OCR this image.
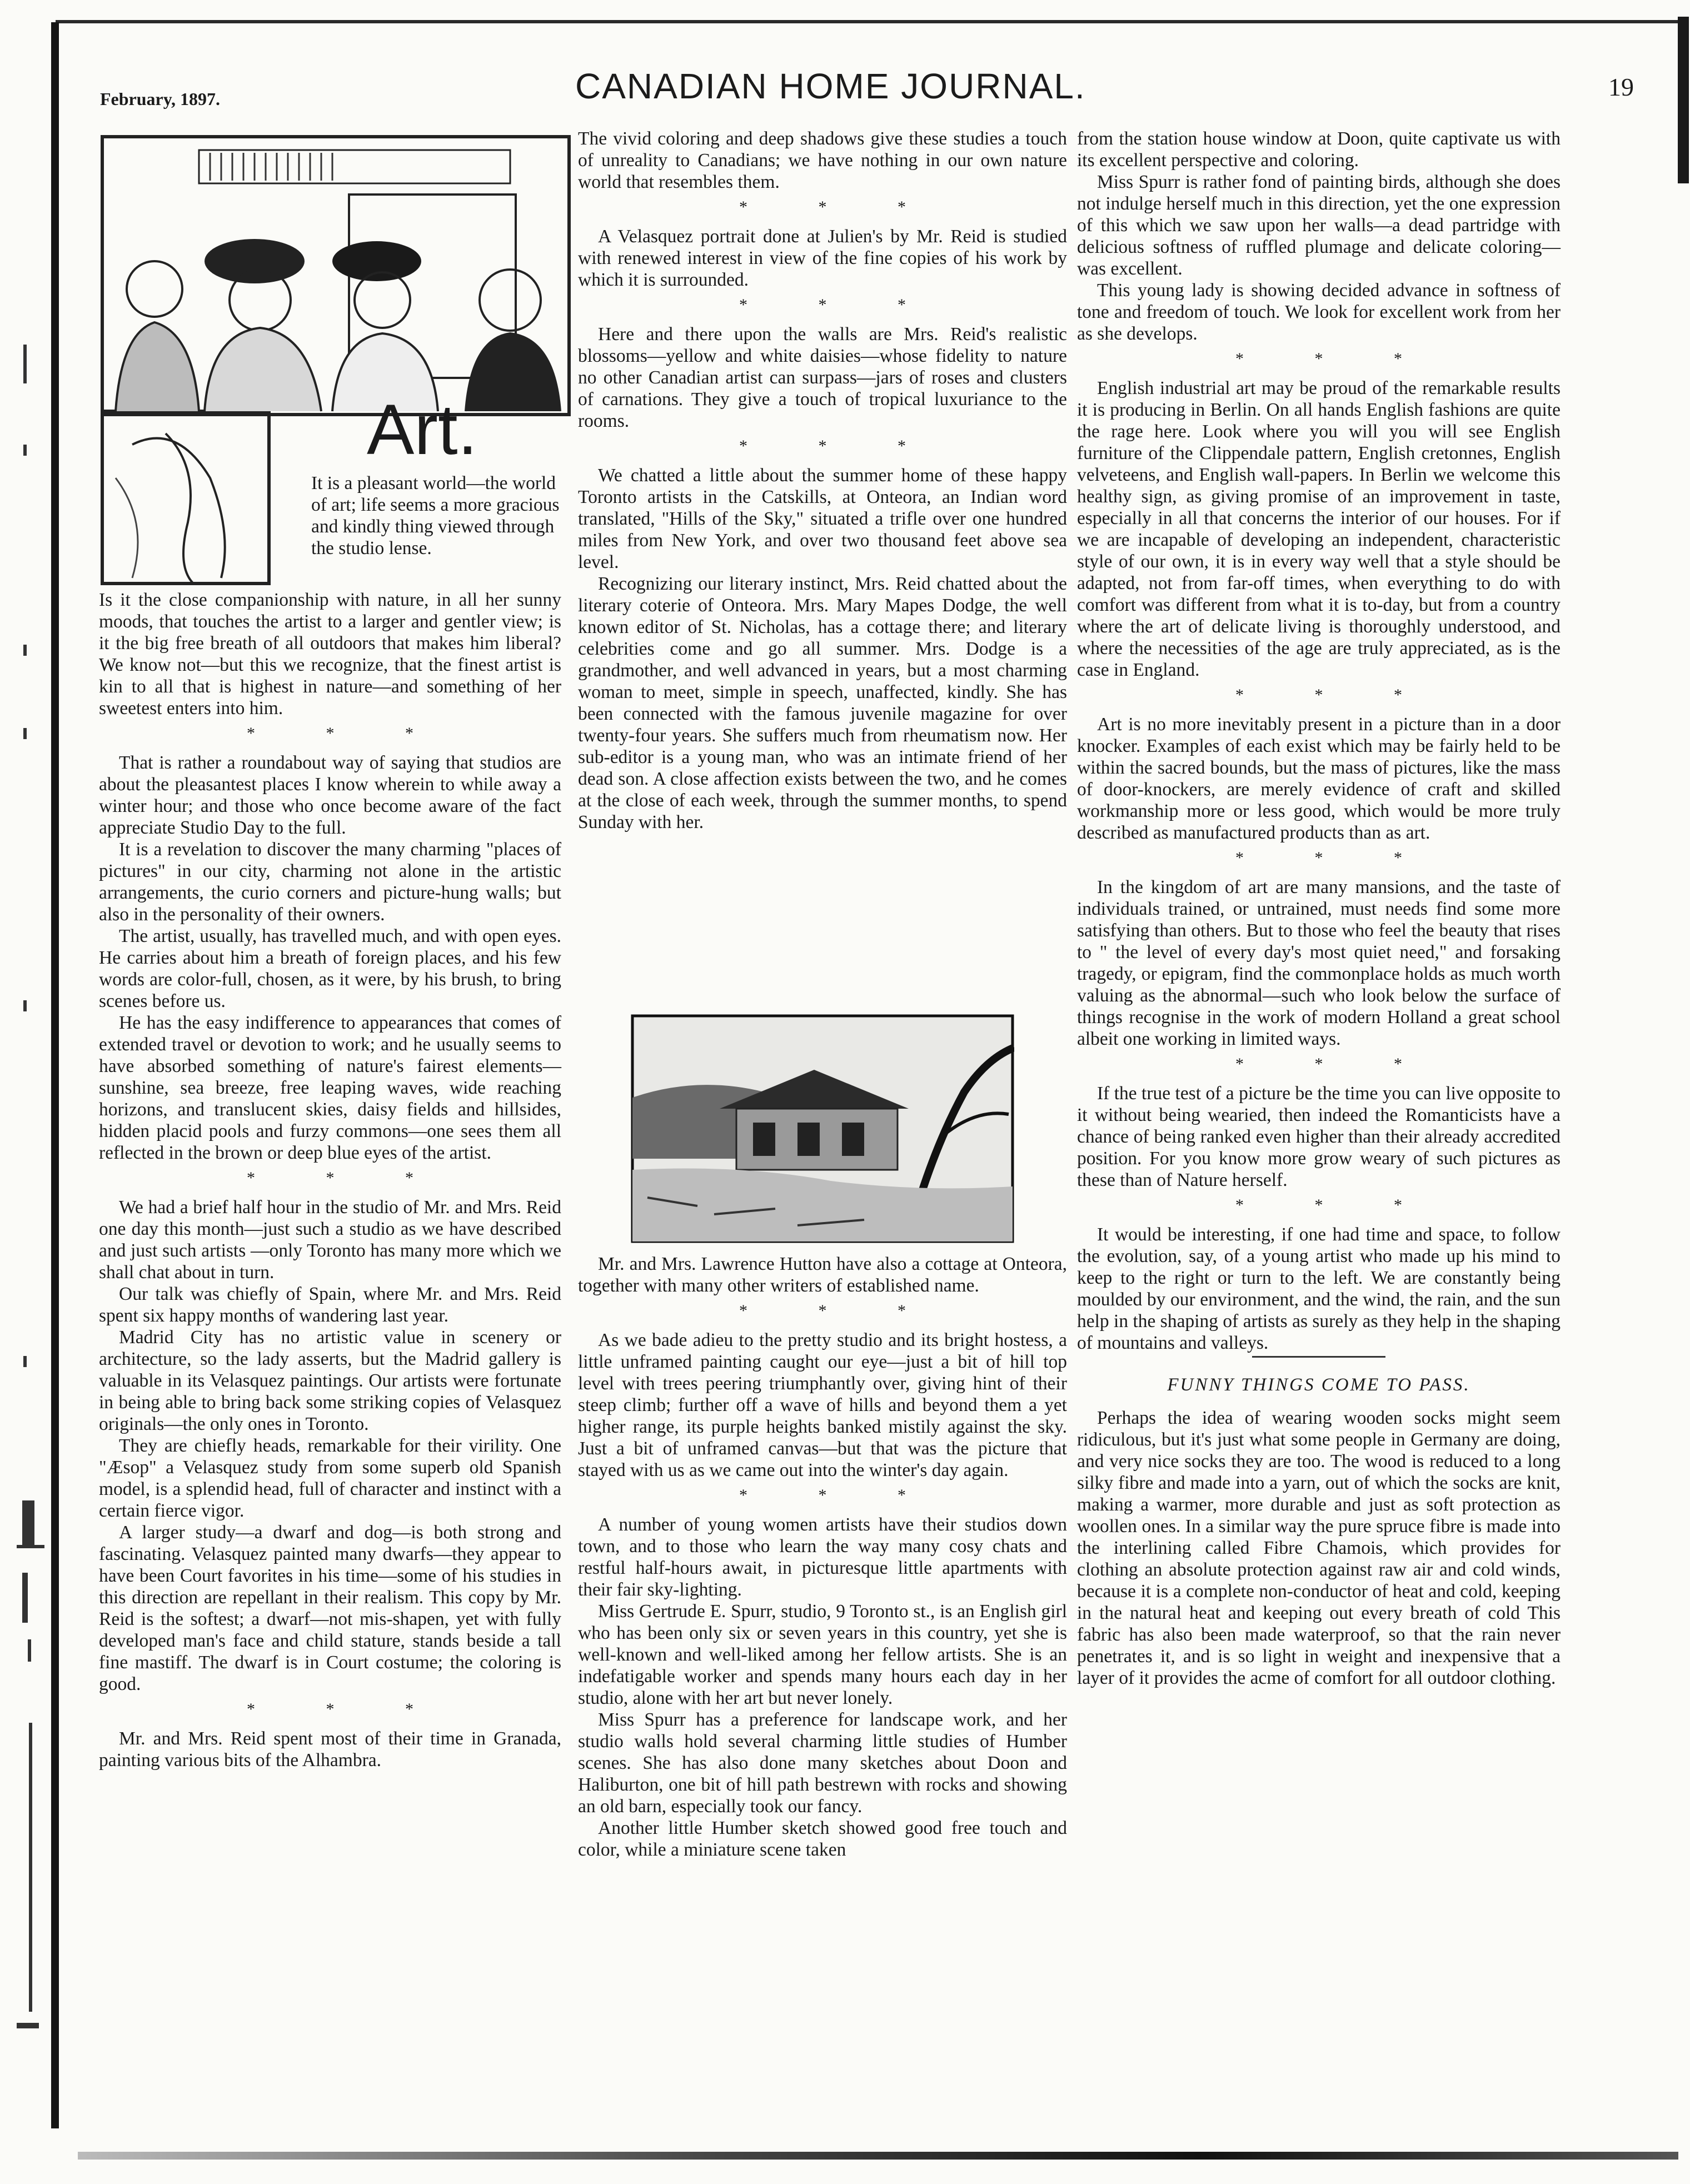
February, 1897.	CANADIAN HOME JOURNAL.	19
Art.

It is a pleasant world—the world of art; life seems a more gracious and kindly thing viewed through the studio lense.

Is it the close companionship with nature, in all her sunny moods, that touches the artist to a larger and gentler view; is it the big free breath of all outdoors that makes him liberal? We know not—but this we recognize, that the finest artist is kin to all that is highest in nature—and something of her sweetest enters into him.

* * *

That is rather a roundabout way of saying that studios are about the pleasantest places I know wherein to while away a winter hour; and those who once become aware of the fact appreciate Studio Day to the full.

It is a revelation to discover the many charming "places of pictures" in our city, charming not alone in the artistic arrangements, the curio corners and picture-hung walls; but also in the personality of their owners.

The artist, usually, has travelled much, and with open eyes. He carries about him a breath of foreign places, and his few words are color-full, chosen, as it were, by his brush, to bring scenes before us.

He has the easy indifference to appearances that comes of extended travel or devotion to work; and he usually seems to have absorbed something of nature's fairest elements—sunshine, sea breeze, free leaping waves, wide reaching horizons, and translucent skies, daisy fields and hillsides, hidden placid pools and furzy commons—one sees them all reflected in the brown or deep blue eyes of the artist.

* * *

We had a brief half hour in the studio of Mr. and Mrs. Reid one day this month—just such a studio as we have described and just such artists —only Toronto has many more which we shall chat about in turn.

Our talk was chiefly of Spain, where Mr. and Mrs. Reid spent six happy months of wandering last year.

Madrid City has no artistic value in scenery or architecture, so the lady asserts, but the Madrid gallery is valuable in its Velasquez paintings. Our artists were fortunate in being able to bring back some striking copies of Velasquez originals—the only ones in Toronto.

They are chiefly heads, remarkable for their virility. One "Æsop" a Velasquez study from some superb old Spanish model, is a splendid head, full of character and instinct with a certain fierce vigor.

A larger study—a dwarf and dog—is both strong and fascinating. Velasquez painted many dwarfs—they appear to have been Court favorites in his time—some of his studies in this direction are repellant in their realism. This copy by Mr. Reid is the softest; a dwarf—not mis-shapen, yet with fully developed man's face and child stature, stands beside a tall fine mastiff. The dwarf is in Court costume; the coloring is good.

* * *

Mr. and Mrs. Reid spent most of their time in Granada, painting various bits of the Alhambra.

The vivid coloring and deep shadows give these studies a touch of unreality to Canadians; we have nothing in our own nature world that resembles them.

* * *

A Velasquez portrait done at Julien's by Mr. Reid is studied with renewed interest in view of the fine copies of his work by which it is surrounded.

* * *

Here and there upon the walls are Mrs. Reid's realistic blossoms—yellow and white daisies—whose fidelity to nature no other Canadian artist can surpass—jars of roses and clusters of carnations. They give a touch of tropical luxuriance to the rooms.

* * *

We chatted a little about the summer home of these happy Toronto artists in the Catskills, at Onteora, an Indian word translated, "Hills of the Sky," situated a trifle over one hundred miles from New York, and over two thousand feet above sea level.

Recognizing our literary instinct, Mrs. Reid chatted about the literary coterie of Onteora. Mrs. Mary Mapes Dodge, the well known editor of St. Nicholas, has a cottage there; and literary celebrities come and go all summer. Mrs. Dodge is a grandmother, and well advanced in years, but a most charming woman to meet, simple in speech, unaffected, kindly. She has been connected with the famous juvenile magazine for over twenty-four years. She suffers much from rheumatism now. Her sub-editor is a young man, who was an intimate friend of her dead son. A close affection exists between the two, and he comes at the close of each week, through the summer months, to spend Sunday with her.

Mr. and Mrs. Lawrence Hutton have also a cottage at Onteora, together with many other writers of established name.

* * *

As we bade adieu to the pretty studio and its bright hostess, a little unframed painting caught our eye—just a bit of hill top level with trees peering triumphantly over, giving hint of their steep climb; further off a wave of hills and beyond them a yet higher range, its purple heights banked mistily against the sky. Just a bit of unframed canvas—but that was the picture that stayed with us as we came out into the winter's day again.

* * *

A number of young women artists have their studios down town, and to those who learn the way many cosy chats and restful half-hours await, in picturesque little apartments with their fair sky-lighting.

Miss Gertrude E. Spurr, studio, 9 Toronto st., is an English girl who has been only six or seven years in this country, yet she is well-known and well-liked among her fellow artists. She is an indefatigable worker and spends many hours each day in her studio, alone with her art but never lonely.

Miss Spurr has a preference for landscape work, and her studio walls hold several charming little studies of Humber scenes. She has also done many sketches about Doon and Haliburton, one bit of hill path bestrewn with rocks and showing an old barn, especially took our fancy.

Another little Humber sketch showed good free touch and color, while a miniature scene taken

from the station house window at Doon, quite captivate us with its excellent perspective and coloring.

Miss Spurr is rather fond of painting birds, although she does not indulge herself much in this direction, yet the one expression of this which we saw upon her walls—a dead partridge with delicious softness of ruffled plumage and delicate coloring—was excellent.

This young lady is showing decided advance in softness of tone and freedom of touch. We look for excellent work from her as she develops.

* * *

English industrial art may be proud of the remarkable results it is producing in Berlin. On all hands English fashions are quite the rage here. Look where you will you will see English furniture of the Clippendale pattern, English cretonnes, English velveteens, and English wall-papers. In Berlin we welcome this healthy sign, as giving promise of an improvement in taste, especially in all that concerns the interior of our houses. For if we are incapable of developing an independent, characteristic style of our own, it is in every way well that a style should be adapted, not from far-off times, when everything to do with comfort was different from what it is to-day, but from a country where the art of delicate living is thoroughly understood, and where the necessities of the age are truly appreciated, as is the case in England.

* * *

Art is no more inevitably present in a picture than in a door knocker. Examples of each exist which may be fairly held to be within the sacred bounds, but the mass of pictures, like the mass of door-knockers, are merely evidence of craft and skilled workmanship more or less good, which would be more truly described as manufactured products than as art.

* * *

In the kingdom of art are many mansions, and the taste of individuals trained, or untrained, must needs find some more satisfying than others. But to those who feel the beauty that rises to " the level of every day's most quiet need," and forsaking tragedy, or epigram, find the commonplace holds as much worth valuing as the abnormal—such who look below the surface of things recognise in the work of modern Holland a great school albeit one working in limited ways.

* * *

If the true test of a picture be the time you can live opposite to it without being wearied, then indeed the Romanticists have a chance of being ranked even higher than their already accredited position. For you know more grow weary of such pictures as these than of Nature herself.

* * *

It would be interesting, if one had time and space, to follow the evolution, say, of a young artist who made up his mind to keep to the right or turn to the left. We are constantly being moulded by our environment, and the wind, the rain, and the sun help in the shaping of artists as surely as they help in the shaping of mountains and valleys.

FUNNY THINGS COME TO PASS.

Perhaps the idea of wearing wooden socks might seem ridiculous, but it's just what some people in Germany are doing, and very nice socks they are too. The wood is reduced to a long silky fibre and made into a yarn, out of which the socks are knit, making a warmer, more durable and just as soft protection as woollen ones. In a similar way the pure spruce fibre is made into the interlining called Fibre Chamois, which provides for clothing an absolute protection against raw air and cold winds, because it is a complete non-conductor of heat and cold, keeping in the natural heat and keeping out every breath of cold This fabric has also been made waterproof, so that the rain never penetrates it, and is so light in weight and inexpensive that a layer of it provides the acme of comfort for all outdoor clothing.
